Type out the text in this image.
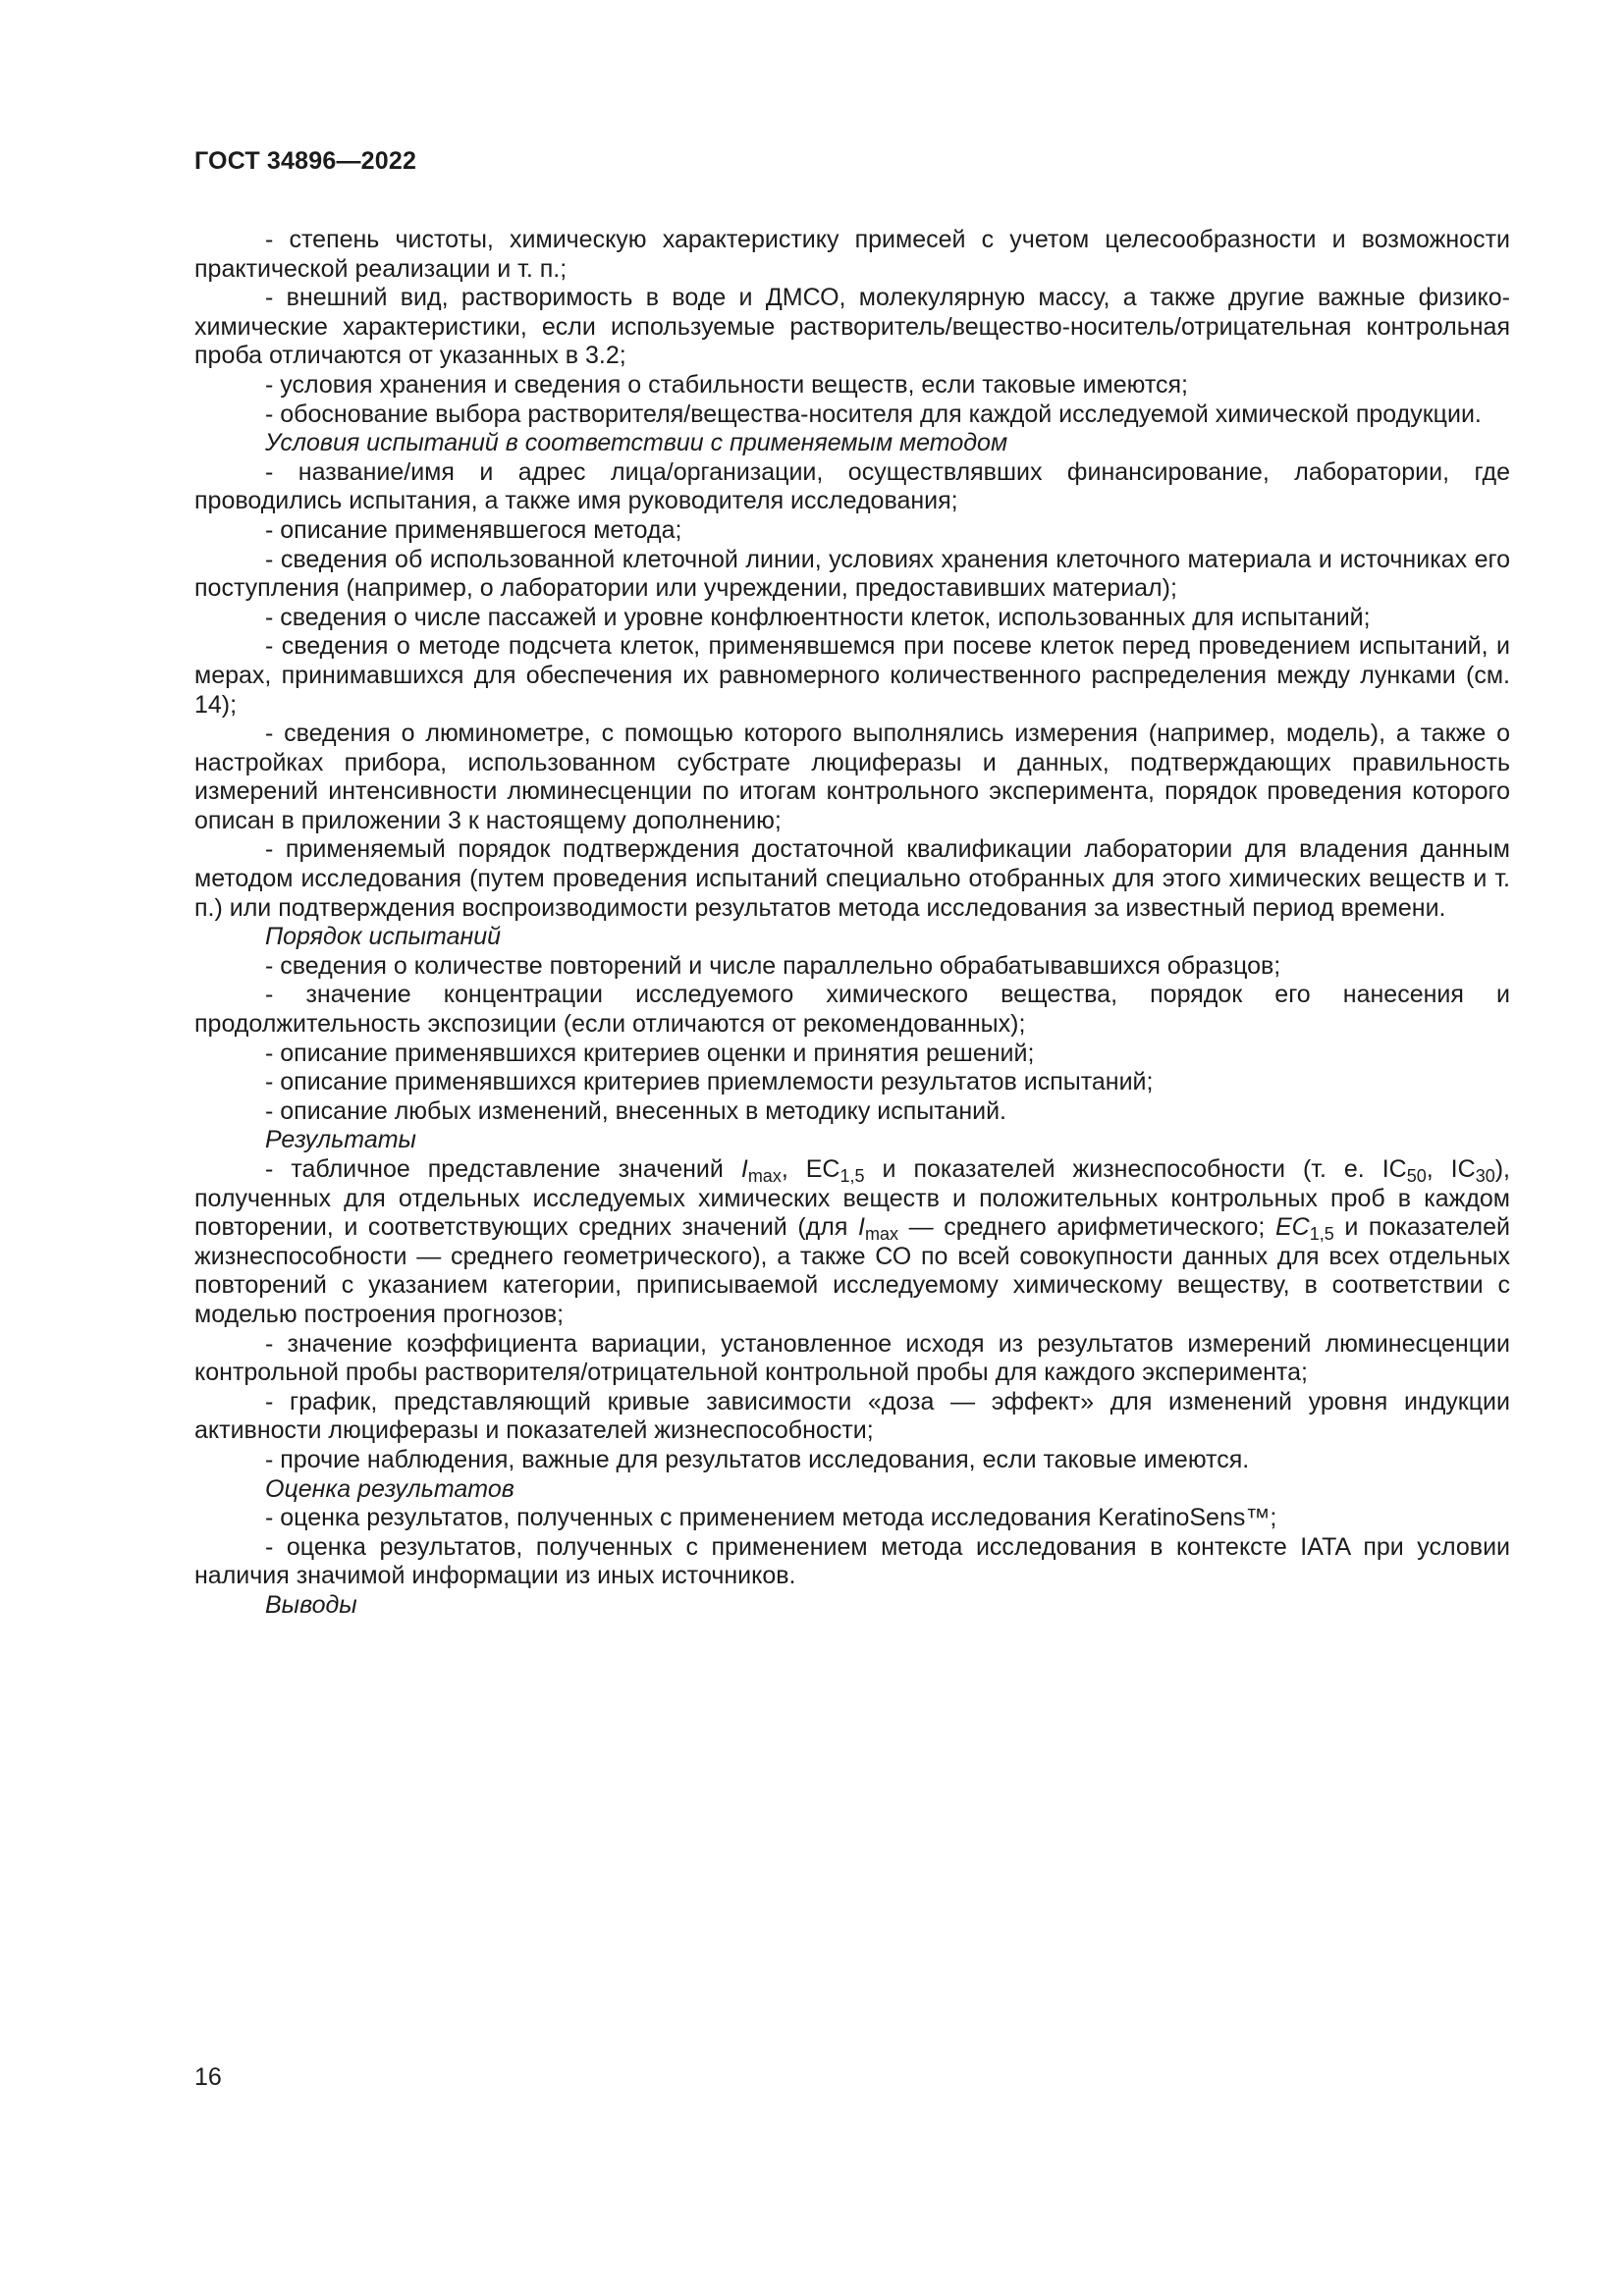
ГОСТ 34896—2022

- степень чистоты, химическую характеристику примесей с учетом целесообразности и возможности практической реализации и т. п.;

- внешний вид, растворимость в воде и ДМСО, молекулярную массу, а также другие важные физико-химические характеристики, если используемые растворитель/вещество-носитель/отрицательная контрольная проба отличаются от указанных в 3.2;

- условия хранения и сведения о стабильности веществ, если таковые имеются;

- обоснование выбора растворителя/вещества-носителя для каждой исследуемой химической продукции.

Условия испытаний в соответствии с применяемым методом

- название/имя и адрес лица/организации, осуществлявших финансирование, лаборатории, где проводились испытания, а также имя руководителя исследования;

- описание применявшегося метода;

- сведения об использованной клеточной линии, условиях хранения клеточного материала и источниках его поступления (например, о лаборатории или учреждении, предоставивших материал);

- сведения о числе пассажей и уровне конфлюентности клеток, использованных для испытаний;

- сведения о методе подсчета клеток, применявшемся при посеве клеток перед проведением испытаний, и мерах, принимавшихся для обеспечения их равномерного количественного распределения между лунками (см. 14);

- сведения о люминометре, с помощью которого выполнялись измерения (например, модель), а также о настройках прибора, использованном субстрате люциферазы и данных, подтверждающих правильность измерений интенсивности люминесценции по итогам контрольного эксперимента, порядок проведения которого описан в приложении 3 к настоящему дополнению;

- применяемый порядок подтверждения достаточной квалификации лаборатории для владения данным методом исследования (путем проведения испытаний специально отобранных для этого химических веществ и т. п.) или подтверждения воспроизводимости результатов метода исследования за известный период времени.

Порядок испытаний

- сведения о количестве повторений и числе параллельно обрабатывавшихся образцов;

- значение концентрации исследуемого химического вещества, порядок его нанесения и продолжительность экспозиции (если отличаются от рекомендованных);

- описание применявшихся критериев оценки и принятия решений;

- описание применявшихся критериев приемлемости результатов испытаний;

- описание любых изменений, внесенных в методику испытаний.

Результаты

- табличное представление значений $I_{max}$, $EC_{1,5}$ и показателей жизнеспособности (т. е. $IC_{50}$, $IC_{30}$), полученных для отдельных исследуемых химических веществ и положительных контрольных проб в каждом повторении, и соответствующих средних значений (для $I_{max}$ — среднего арифметического; $EC_{1,5}$ и показателей жизнеспособности — среднего геометрического), а также СО по всей совокупности данных для всех отдельных повторений с указанием категории, приписываемой исследуемому химическому веществу, в соответствии с моделью построения прогнозов;

- значение коэффициента вариации, установленное исходя из результатов измерений люминесценции контрольной пробы растворителя/отрицательной контрольной пробы для каждого эксперимента;

- график, представляющий кривые зависимости «доза — эффект» для изменений уровня индукции активности люциферазы и показателей жизнеспособности;

- прочие наблюдения, важные для результатов исследования, если таковые имеются.

Оценка результатов

- оценка результатов, полученных с применением метода исследования KeratinoSens™;

- оценка результатов, полученных с применением метода исследования в контексте IATA при условии наличия значимой информации из иных источников.

Выводы

16
